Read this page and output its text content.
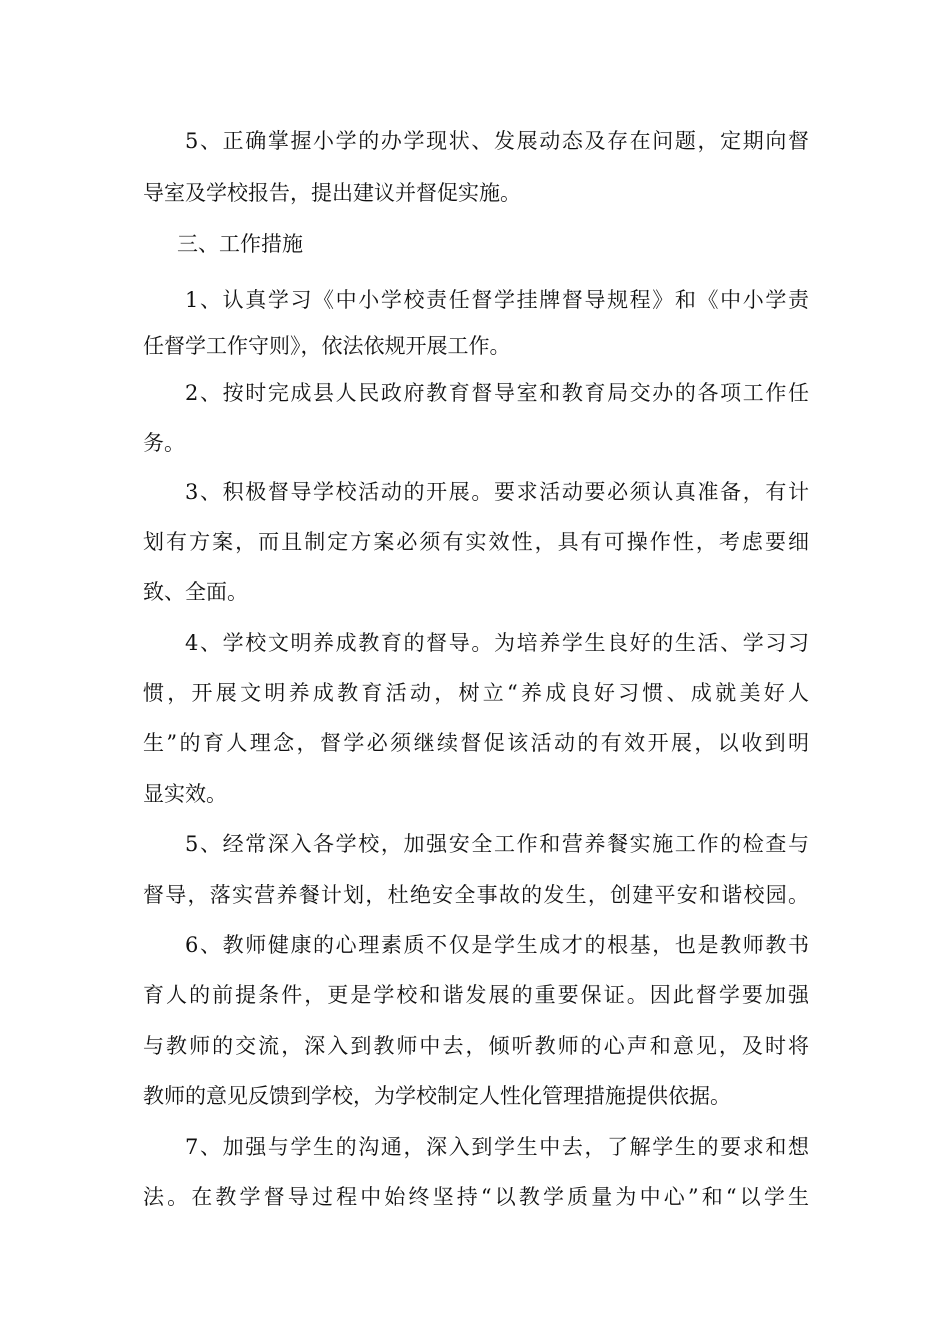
5、正确掌握小学的办学现状、发展动态及存在问题，定期向督
导室及学校报告，提出建议并督促实施。
三、工作措施
1、认真学习《中小学校责任督学挂牌督导规程》和《中小学责
任督学工作守则》，依法依规开展工作。
2、按时完成县人民政府教育督导室和教育局交办的各项工作任
务。
3、积极督导学校活动的开展。要求活动要必须认真准备，有计
划有方案，而且制定方案必须有实效性，具有可操作性，考虑要细
致、全面。
4、学校文明养成教育的督导。为培养学生良好的生活、学习习
惯，开展文明养成教育活动，树立“养成良好习惯、成就美好人
生”的育人理念，督学必须继续督促该活动的有效开展，以收到明
显实效。
5、经常深入各学校，加强安全工作和营养餐实施工作的检查与
督导，落实营养餐计划，杜绝安全事故的发生，创建平安和谐校园。
6、教师健康的心理素质不仅是学生成才的根基，也是教师教书
育人的前提条件，更是学校和谐发展的重要保证。因此督学要加强
与教师的交流，深入到教师中去，倾听教师的心声和意见，及时将
教师的意见反馈到学校，为学校制定人性化管理措施提供依据。
7、加强与学生的沟通，深入到学生中去，了解学生的要求和想
法。在教学督导过程中始终坚持“以教学质量为中心”和“以学生
